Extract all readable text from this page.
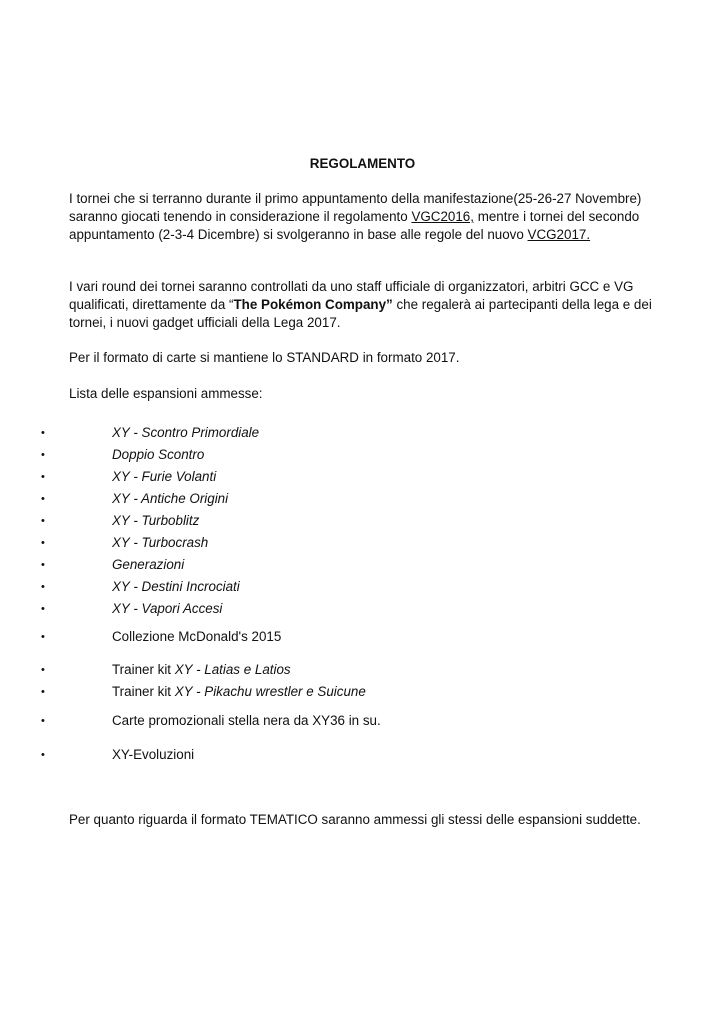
REGOLAMENTO

I tornei che si terranno durante il primo appuntamento della manifestazione(25-26-27 Novembre) saranno giocati tenendo in considerazione il regolamento VGC2016, mentre i tornei del secondo appuntamento (2-3-4 Dicembre) si svolgeranno in base alle regole del nuovo VCG2017.

I vari round dei tornei saranno controllati da uno staff ufficiale di organizzatori, arbitri GCC e VG qualificati, direttamente da “The Pokémon Company” che regalerà ai partecipanti della lega e dei tornei, i nuovi gadget ufficiali della Lega 2017.

Per il formato di carte si mantiene lo STANDARD in formato 2017.

Lista delle espansioni ammesse:

•	XY - Scontro Primordiale
•	Doppio Scontro
•	XY - Furie Volanti
•	XY - Antiche Origini
•	XY - Turboblitz
•	XY - Turbocrash
•	Generazioni
•	XY - Destini Incrociati
•	XY - Vapori Accesi
•	Collezione McDonald's 2015
•	Trainer kit XY - Latias e Latios
•	Trainer kit XY - Pikachu wrestler e Suicune
•	Carte promozionali stella nera da XY36 in su.
•	XY-Evoluzioni

Per quanto riguarda il formato TEMATICO saranno ammessi gli stessi delle espansioni suddette.
